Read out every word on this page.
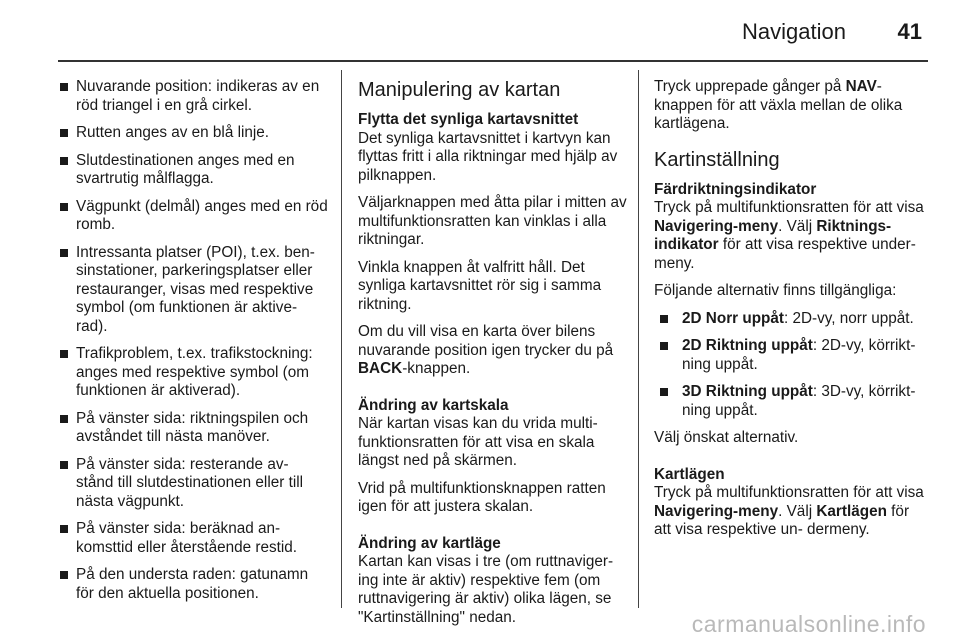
Navigation 41
Nuvarande position: indikeras av en röd triangel i en grå cirkel.
Rutten anges av en blå linje.
Slutdestinationen anges med en svartrutig målflagga.
Vägpunkt (delmål) anges med en röd romb.
Intressanta platser (POI), t.ex. ben- sinstationer, parkeringsplatser eller restauranger, visas med respektive symbol (om funktionen är aktive- rad).
Trafikproblem, t.ex. trafikstockning: anges med respektive symbol (om funktionen är aktiverad).
På vänster sida: riktningspilen och avståndet till nästa manöver.
På vänster sida: resterande av- stånd till slutdestinationen eller till nästa vägpunkt.
På vänster sida: beräknad an- komsttid eller återstående restid.
På den understa raden: gatunamn för den aktuella positionen.
Manipulering av kartan
Flytta det synliga kartavsnittet

Det synliga kartavsnittet i kartvyn kan flyttas fritt i alla riktningar med hjälp av pilknappen.

Väljarknappen med åtta pilar i mitten av multifunktionsratten kan vinklas i alla riktningar.

Vinkla knappen åt valfritt håll. Det synliga kartavsnittet rör sig i samma riktning.

Om du vill visa en karta över bilens nuvarande position igen trycker du på BACK-knappen.

Ändring av kartskala

När kartan visas kan du vrida multi- funktionsratten för att visa en skala längst ned på skärmen.

Vrid på multifunktionsknappen ratten igen för att justera skalan.

Ändring av kartläge

Kartan kan visas i tre (om ruttnaviger- ing inte är aktiv) respektive fem (om ruttnavigering är aktiv) olika lägen, se "Kartinställning" nedan.

Tryck upprepade gånger på NAV- knappen för att växla mellan de olika kartlägena.

Kartinställning
Färdriktningsindikator

Tryck på multifunktionsratten för att visa Navigering-meny. Välj Riktnings- indikator för att visa respektive under- meny.

Följande alternativ finns tillgängliga:

2D Norr uppåt: 2D-vy, norr uppåt.
2D Riktning uppåt: 2D-vy, körrikt- ning uppåt.
3D Riktning uppåt: 3D-vy, körrikt- ning uppåt.

Välj önskat alternativ.

Kartlägen

Tryck på multifunktionsratten för att visa Navigering-meny. Välj Kartlägen för att visa respektive un- dermeny.

carmanualsonline.info
